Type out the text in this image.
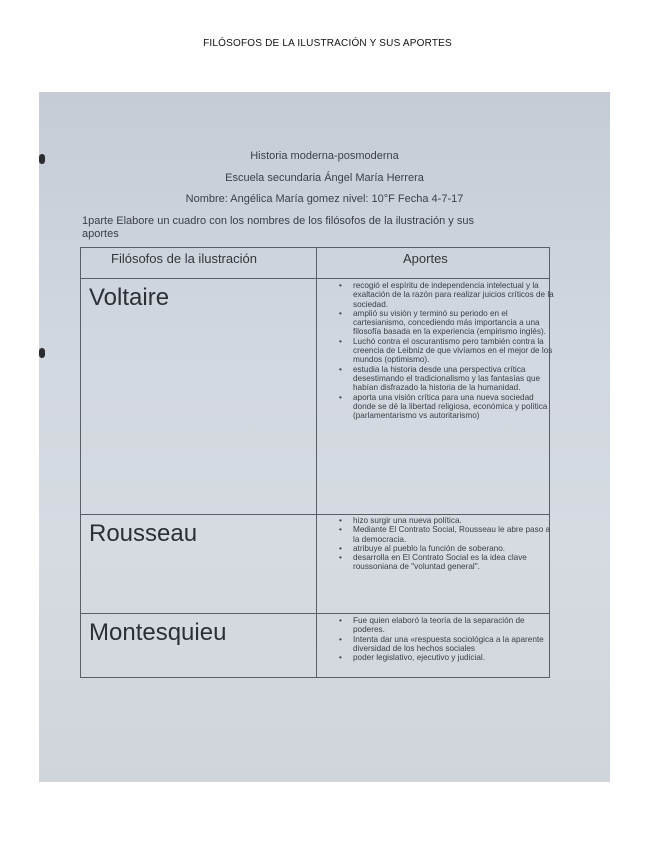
FILÓSOFOS DE LA ILUSTRACIÓN Y SUS APORTES
Historia moderna-posmoderna
Escuela secundaria Ángel María Herrera
Nombre: Angélica María gomez nivel: 10°F Fecha 4-7-17
1parte Elabore un cuadro con los nombres de los filósofos de la ilustración y sus
aportes
Filósofos de la ilustración	Aportes
Voltaire	• recogió el espíritu de independencia intelectual y la exaltación de la razón para realizar juicios críticos de la sociedad.
• amplió su visión y terminó su periodo en el cartesianismo, concediendo más importancia a una filosofía basada en la experiencia (empirismo inglés).
• Luchó contra el oscurantismo pero también contra la creencia de Leibniz de que vivíamos en el mejor de los mundos (optimismo).
• estudia la historia desde una perspectiva crítica desestimando el tradicionalismo y las fantasías que habían disfrazado la historia de la humanidad.
• aporta una visión crítica para una nueva sociedad donde se dé la libertad religiosa, económica y política (parlamentarismo vs autoritarismo)
Rousseau	• hizo surgir una nueva política.
• Mediante El Contrato Social, Rousseau le abre paso a la democracia.
• atribuye al pueblo la función de soberano.
• desarrolla en El Contrato Social es la idea clave roussoniana de "voluntad general".
Montesquieu	• Fue quien elaboró la teoría de la separación de poderes.
• Intenta dar una «respuesta sociológica a la aparente diversidad de los hechos sociales
• poder legislativo, ejecutivo y judicial.
